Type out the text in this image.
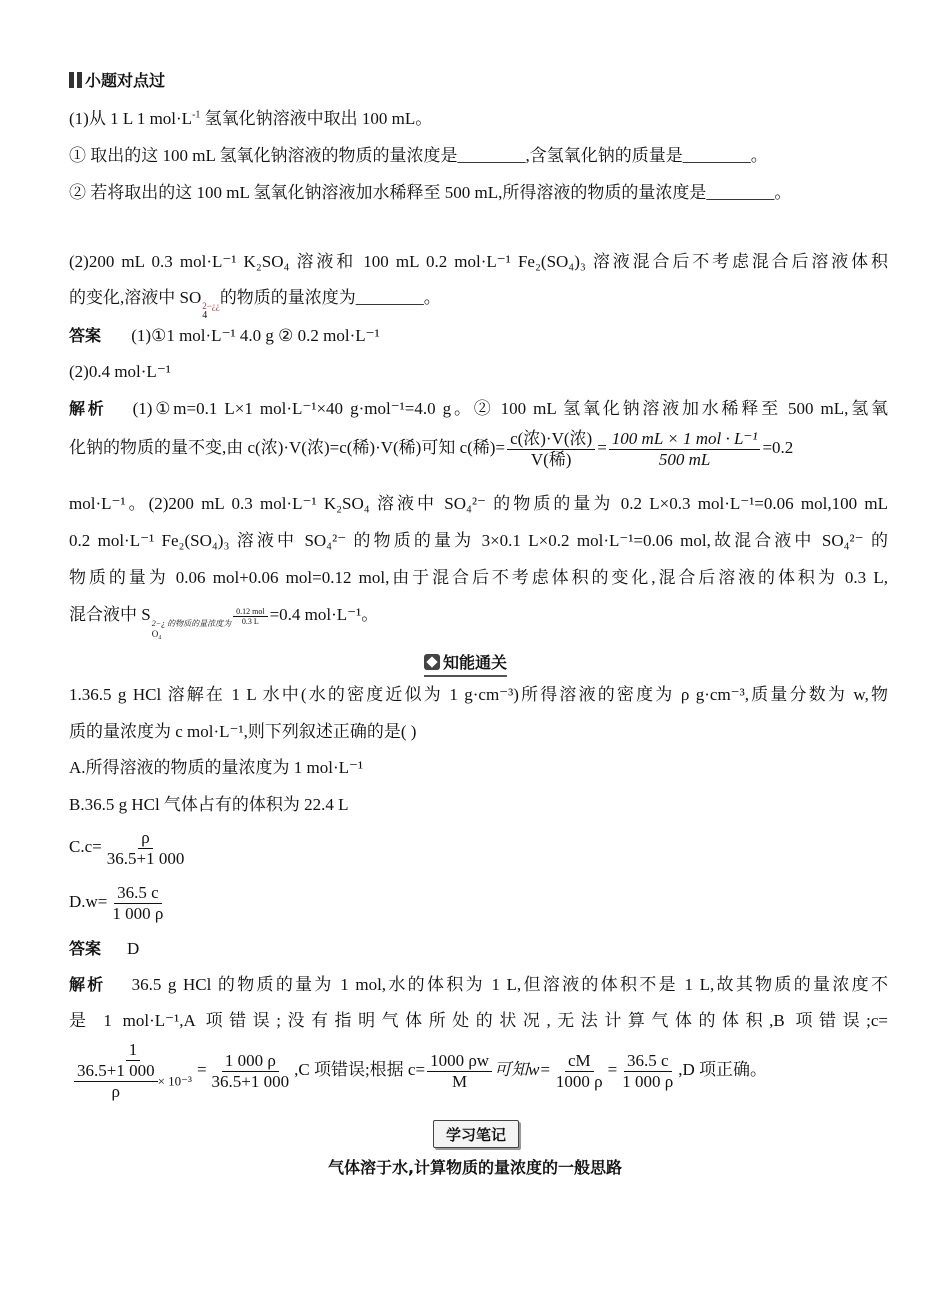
小题对点过
(1)从 1 L 1 $mol\cdot L^{-1}$ 氢氧化钠溶液中取出 100 mL。
① 取出的这 100 mL 氢氧化钠溶液的物质的量浓度是________,含氢氧化钠的质量是________。
② 若将取出的这 100 mL 氢氧化钠溶液加水稀释至 500 mL,所得溶液的物质的量浓度是________。
(2)200 mL 0.3 mol·L⁻¹ K₂SO₄ 溶液和 100 mL 0.2 mol·L⁻¹ Fe₂(SO₄)₃ 溶液混合后不考虑混合后溶液体积
的变化,溶液中 SO 2−¿¿
4
的物质的量浓度为________。
答案 (1)①1 mol·L⁻¹ 4.0 g ② 0.2 mol·L⁻¹
(2)0.4 mol·L⁻¹
解析 (1)①m=0.1 L×1 mol·L⁻¹×40 g·mol⁻¹=4.0 g。② 100 mL 氢氧化钠溶液加水稀释至 500 mL,氢氧
化钠的物质的量不变,由 c(浓)·V(浓)=c(稀)·V(稀)可知 c(稀)= $\frac{\text{c(浓)·V(浓)}}{\text{V(稀)}} = \frac{\text{100 mL × 1 mol · L⁻¹}}{500 mL} =0.2$
mol·L⁻¹。(2)200 mL 0.3 mol·L⁻¹ K₂SO₄ 溶液中 SO₄²⁻ 的物质的量为 0.2 L×0.3 mol·L⁻¹=0.06 mol,100 mL
0.2 mol·L⁻¹ Fe₂(SO₄)₃ 溶液中 SO₄²⁻ 的物质的量为 3×0.1 L×0.2 mol·L⁻¹=0.06 mol,故混合液中 SO₄²⁻ 的
物质的量为 0.06 mol+0.06 mol=0.12 mol,由于混合后不考虑体积的变化,混合后溶液的体积为 0.3 L,
混合液中 S 2−¿ 的物质的量浓度为
O₄
$\frac{\text{0.12 mol}}{0.3 L} =0.4$ mol·L⁻¹。
知能通关
1.36.5 g HCl 溶解在 1 L 水中(水的密度近似为 1 g·cm⁻³)所得溶液的密度为 ρ g·cm⁻³,质量分数为 w,物
质的量浓度为 c mol·L⁻¹,则下列叙述正确的是( )
A.所得溶液的物质的量浓度为 1 mol·L⁻¹
B.36.5 g HCl 气体占有的体积为 22.4 L
$C.c= \frac{\rho}{36.5+1 000}$
$D.w= \frac{36.5 c}{1 000 \rho}$
答案 D
解析 36.5 g HCl 的物质的量为 1 mol,水的体积为 1 L,但溶液的体积不是 1 L,故其物质的量浓度不
是 1 mol·L⁻¹,A 项错误;没有指明气体所处的状况,无法计算气体的体积,B 项错误;c=
$\frac{1}{\frac{36.5+1 000}{\rho} \times 10^{-3}} = \frac{1 000 \rho}{36.5+1 000} ,C$ 项错误;根据 $c= \frac{1000 \rho w}{M}$ 可知$w= \frac{cM}{1000 \rho} = \frac{36.5 c}{1 000 \rho} ,D$ 项正确。
学习笔记
气体溶于水,计算物质的量浓度的一般思路
